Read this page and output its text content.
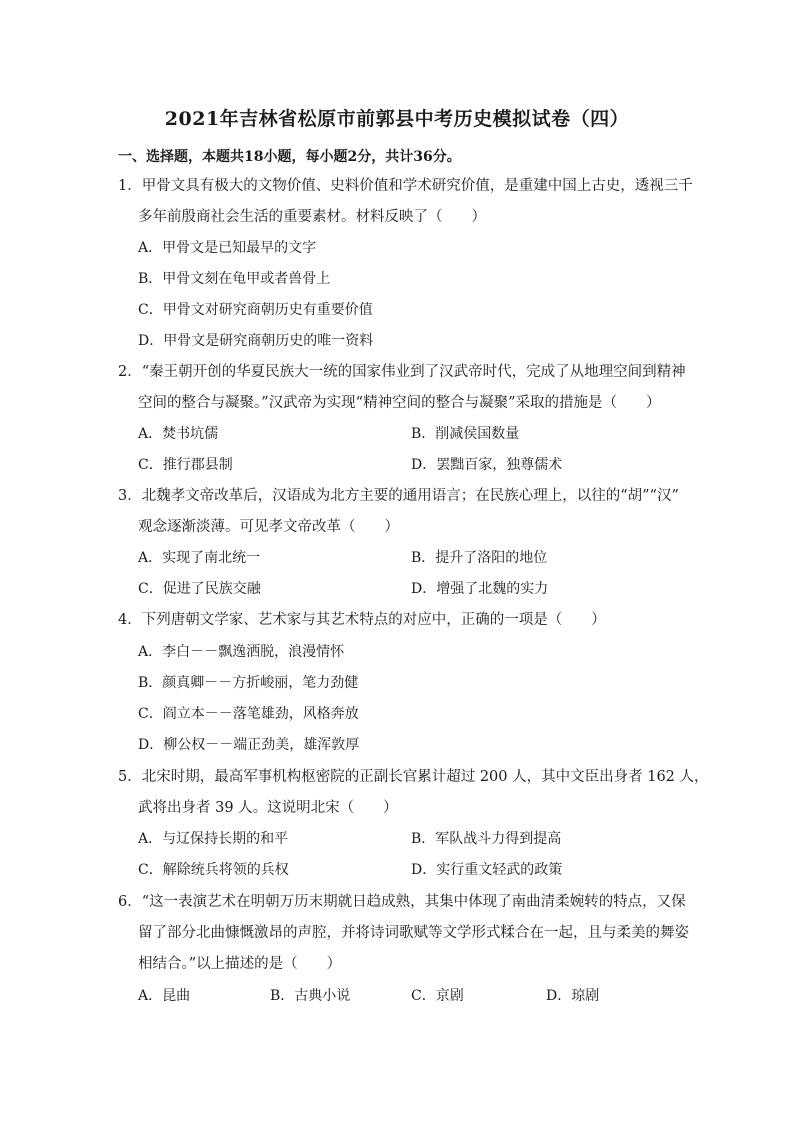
2021年吉林省松原市前郭县中考历史模拟试卷（四）
一、选择题，本题共18小题，每小题2分，共计36分。
1．甲骨文具有极大的文物价值、史料价值和学术研究价值，是重建中国上古史，透视三千
多年前殷商社会生活的重要素材。材料反映了（　　）
A．甲骨文是已知最早的文字
B．甲骨文刻在龟甲或者兽骨上
C．甲骨文对研究商朝历史有重要价值
D．甲骨文是研究商朝历史的唯一资料
2．“秦王朝开创的华夏民族大一统的国家伟业到了汉武帝时代，完成了从地理空间到精神
空间的整合与凝聚。”汉武帝为实现“精神空间的整合与凝聚”采取的措施是（　　）
A．焚书坑儒	B．削减侯国数量
C．推行郡县制	D．罢黜百家，独尊儒术
3．北魏孝文帝改革后，汉语成为北方主要的通用语言；在民族心理上，以往的“胡”“汉”
观念逐渐淡薄。可见孝文帝改革（　　）
A．实现了南北统一	B．提升了洛阳的地位
C．促进了民族交融	D．增强了北魏的实力
4．下列唐朝文学家、艺术家与其艺术特点的对应中，正确的一项是（　　）
A．李白－－飘逸洒脱，浪漫情怀
B．颜真卿－－方折峻丽，笔力劲健
C．阎立本－－落笔雄劲，风格奔放
D．柳公权－－端正劲美，雄浑敦厚
5．北宋时期，最高军事机构枢密院的正副长官累计超过 200 人，其中文臣出身者 162 人，
武将出身者 39 人。这说明北宋（　　）
A．与辽保持长期的和平	B．军队战斗力得到提高
C．解除统兵将领的兵权	D．实行重文轻武的政策
6．“这一表演艺术在明朝万历末期就日趋成熟，其集中体现了南曲清柔婉转的特点，又保
留了部分北曲慷慨激昂的声腔，并将诗词歌赋等文学形式糅合在一起，且与柔美的舞姿
相结合。”以上描述的是（　　）
A．昆曲	B．古典小说	C．京剧	D．琼剧
